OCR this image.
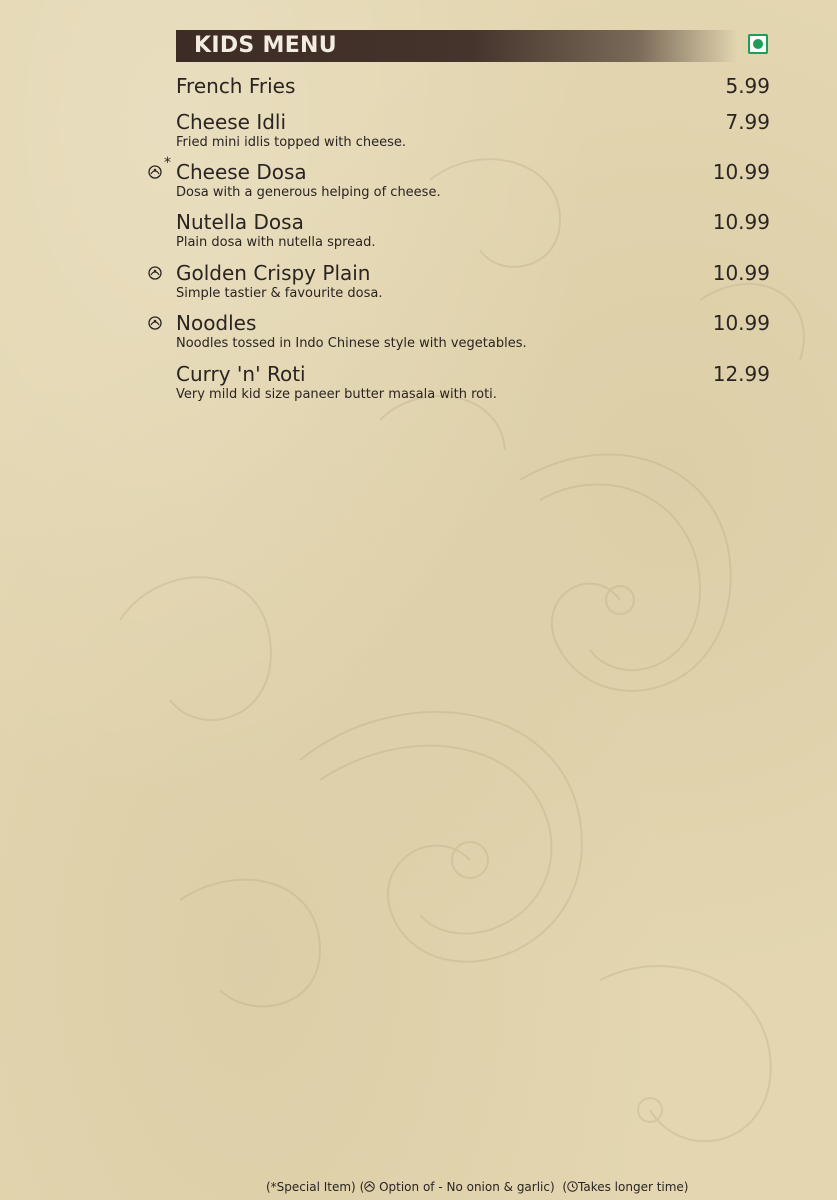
KIDS MENU
French Fries	5.99
Cheese Idli
Fried mini idlis topped with cheese.
7.99
* Cheese Dosa
Dosa with a generous helping of cheese.
10.99
Nutella Dosa
Plain dosa with nutella spread.
10.99
Golden Crispy Plain
Simple tastier & favourite dosa.
10.99
Noodles
Noodles tossed in Indo Chinese style with vegetables.
10.99
Curry 'n' Roti
Very mild kid size paneer butter masala with roti.
12.99
(*Special Item) ( Option of - No onion & garlic) ( Takes longer time)
